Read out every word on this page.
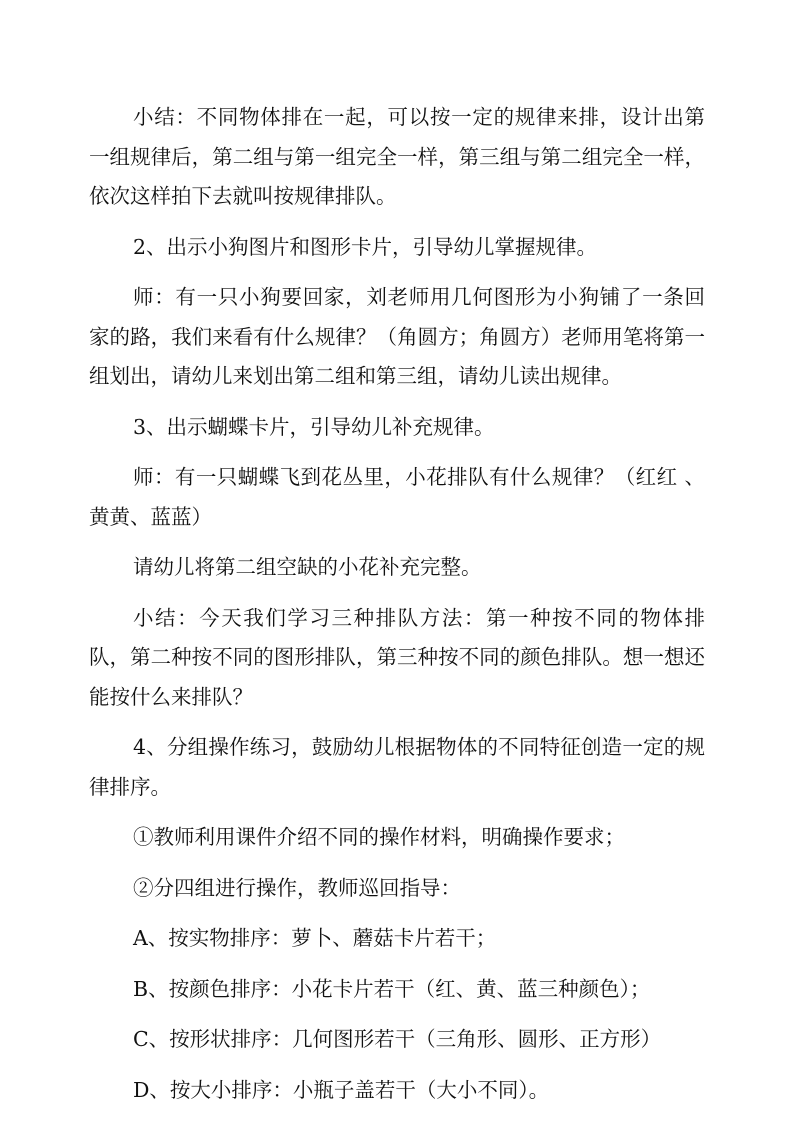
小结：不同物体排在一起，可以按一定的规律来排，设计出第一组规律后，第二组与第一组完全一样，第三组与第二组完全一样，依次这样拍下去就叫按规律排队。

2、出示小狗图片和图形卡片，引导幼儿掌握规律。

师：有一只小狗要回家，刘老师用几何图形为小狗铺了一条回家的路，我们来看有什么规律？（角圆方；角圆方）老师用笔将第一组划出，请幼儿来划出第二组和第三组，请幼儿读出规律。

3、出示蝴蝶卡片，引导幼儿补充规律。

师：有一只蝴蝶飞到花丛里，小花排队有什么规律？（红红 、黄黄、蓝蓝）

请幼儿将第二组空缺的小花补充完整。

小结：今天我们学习三种排队方法：第一种按不同的物体排队，第二种按不同的图形排队，第三种按不同的颜色排队。想一想还能按什么来排队？

4、分组操作练习，鼓励幼儿根据物体的不同特征创造一定的规律排序。

①教师利用课件介绍不同的操作材料，明确操作要求；

②分四组进行操作，教师巡回指导：

A、按实物排序：萝卜、蘑菇卡片若干；

B、按颜色排序：小花卡片若干（红、黄、蓝三种颜色）；

C、按形状排序：几何图形若干（三角形、圆形、正方形）

D、按大小排序：小瓶子盖若干（大小不同）。
